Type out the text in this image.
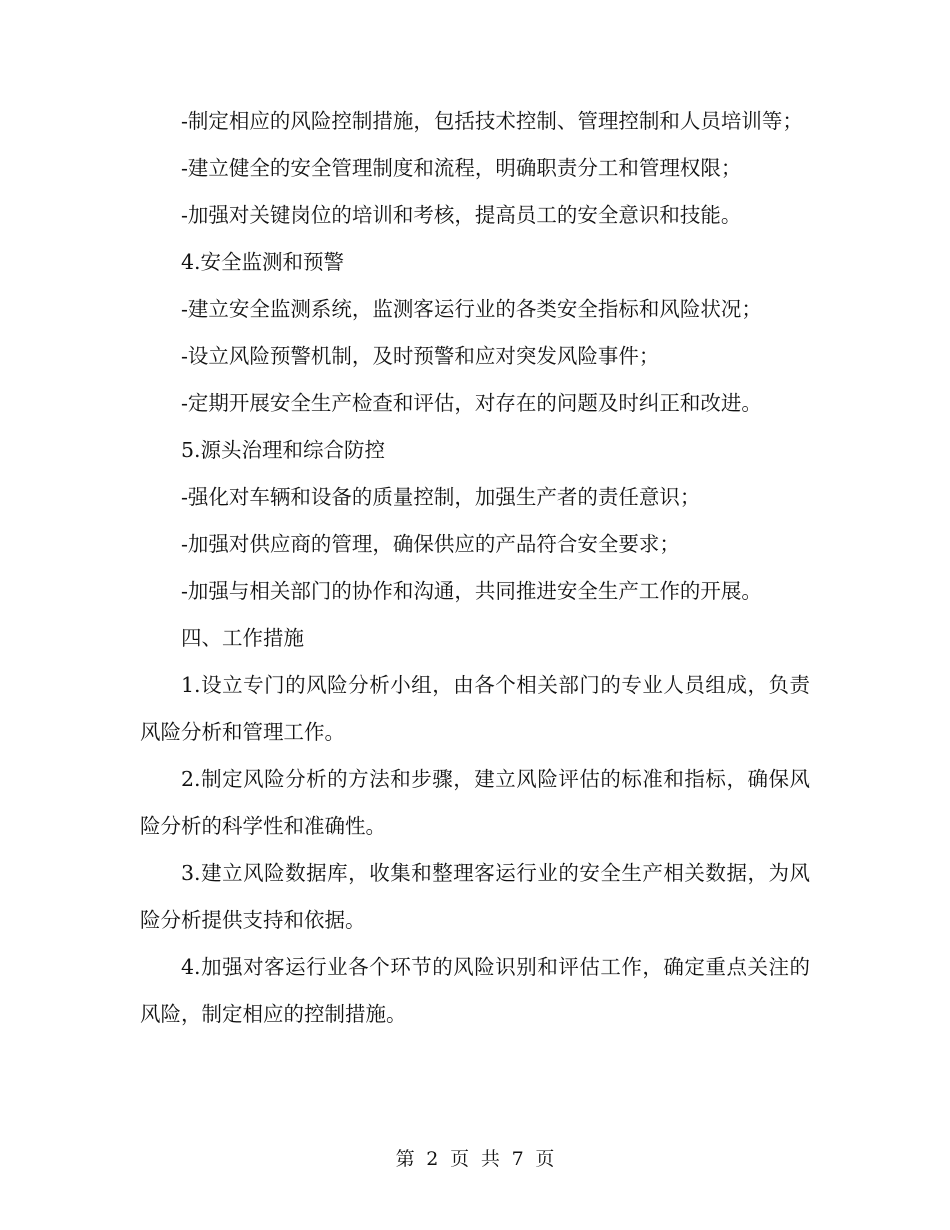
-制定相应的风险控制措施，包括技术控制、管理控制和人员培训等；

-建立健全的安全管理制度和流程，明确职责分工和管理权限；

-加强对关键岗位的培训和考核，提高员工的安全意识和技能。

4.安全监测和预警

-建立安全监测系统，监测客运行业的各类安全指标和风险状况；

-设立风险预警机制，及时预警和应对突发风险事件；

-定期开展安全生产检查和评估，对存在的问题及时纠正和改进。

5.源头治理和综合防控

-强化对车辆和设备的质量控制，加强生产者的责任意识；

-加强对供应商的管理，确保供应的产品符合安全要求；

-加强与相关部门的协作和沟通，共同推进安全生产工作的开展。

四、工作措施

1.设立专门的风险分析小组，由各个相关部门的专业人员组成，负责风险分析和管理工作。

2.制定风险分析的方法和步骤，建立风险评估的标准和指标，确保风险分析的科学性和准确性。

3.建立风险数据库，收集和整理客运行业的安全生产相关数据，为风险分析提供支持和依据。

4.加强对客运行业各个环节的风险识别和评估工作，确定重点关注的风险，制定相应的控制措施。

第 2 页 共 7 页
